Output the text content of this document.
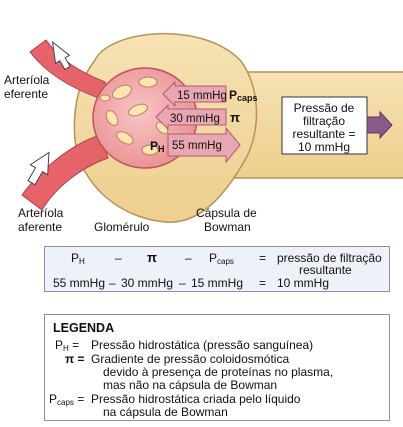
Arteríola
eferente
Arteríola
aferente	Glomérulo
Cápsula de
Bowman
15 mmHg Pcaps
30 mmHg π
PH 55 mmHg
Pressão de
filtração
resultante =
10 mmHg
$P_H$	– π – $P_{caps}$ = pressão de filtração
resultante
55 mmHg – 30 mmHg – 15 mmHg = 10 mmHg
LEGENDA
$P_H$ = Pressão hidrostática (pressão sanguínea)
π = Gradiente de pressão coloidosmótica
devido à presença de proteínas no plasma,
mas não na cápsula de Bowman
$P_{caps}$ = Pressão hidrostática criada pelo líquido
na cápsula de Bowman
